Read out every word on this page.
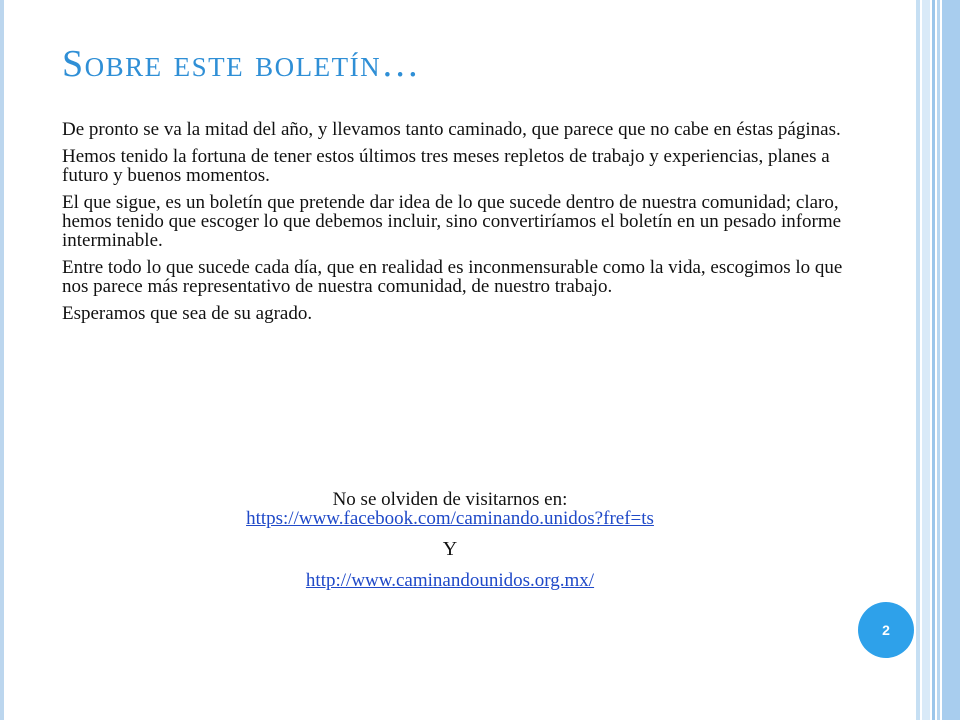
Sobre este boletín…

De pronto se va la mitad del año, y llevamos tanto caminado, que parece que no cabe en éstas páginas.

Hemos tenido la fortuna de tener estos últimos tres meses repletos de trabajo y experiencias, planes a futuro y buenos momentos.

El que sigue, es un boletín que pretende dar idea de lo que sucede dentro de nuestra comunidad; claro, hemos tenido que escoger lo que debemos incluir, sino convertiríamos el boletín en un pesado informe interminable.

Entre todo lo que sucede cada día, que en realidad es inconmensurable como la vida, escogimos lo que nos parece más representativo de nuestra comunidad, de nuestro trabajo.

Esperamos que sea de su agrado.

No se olviden de visitarnos en:
https://www.facebook.com/caminando.unidos?fref=ts
Y
http://www.caminandounidos.org.mx/
2
